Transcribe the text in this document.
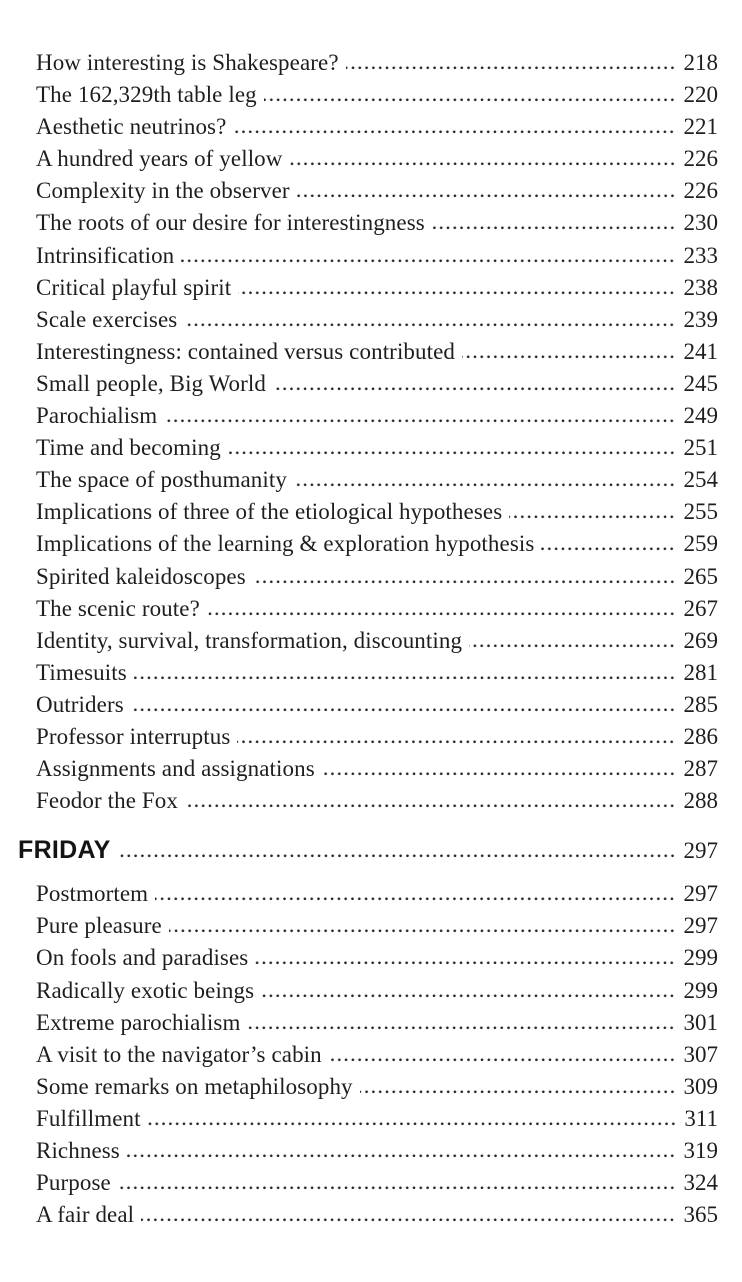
How interesting is Shakespeare?	218
The 162,329th table leg	220
Aesthetic neutrinos?	221
A hundred years of yellow	226
Complexity in the observer	226
The roots of our desire for interestingness	230
Intrinsification	233
Critical playful spirit	238
Scale exercises	239
Interestingness: contained versus contributed	241
Small people, Big World	245
Parochialism	249
Time and becoming	251
The space of posthumanity	254
Implications of three of the etiological hypotheses	255
Implications of the learning & exploration hypothesis	259
Spirited kaleidoscopes	265
The scenic route?	267
Identity, survival, transformation, discounting	269
Timesuits	281
Outriders	285
Professor interruptus	286
Assignments and assignations	287
Feodor the Fox	288
FRIDAY	297
Postmortem	297
Pure pleasure	297
On fools and paradises	299
Radically exotic beings	299
Extreme parochialism	301
A visit to the navigator’s cabin	307
Some remarks on metaphilosophy	309
Fulfillment	311
Richness	319
Purpose	324
A fair deal	365
